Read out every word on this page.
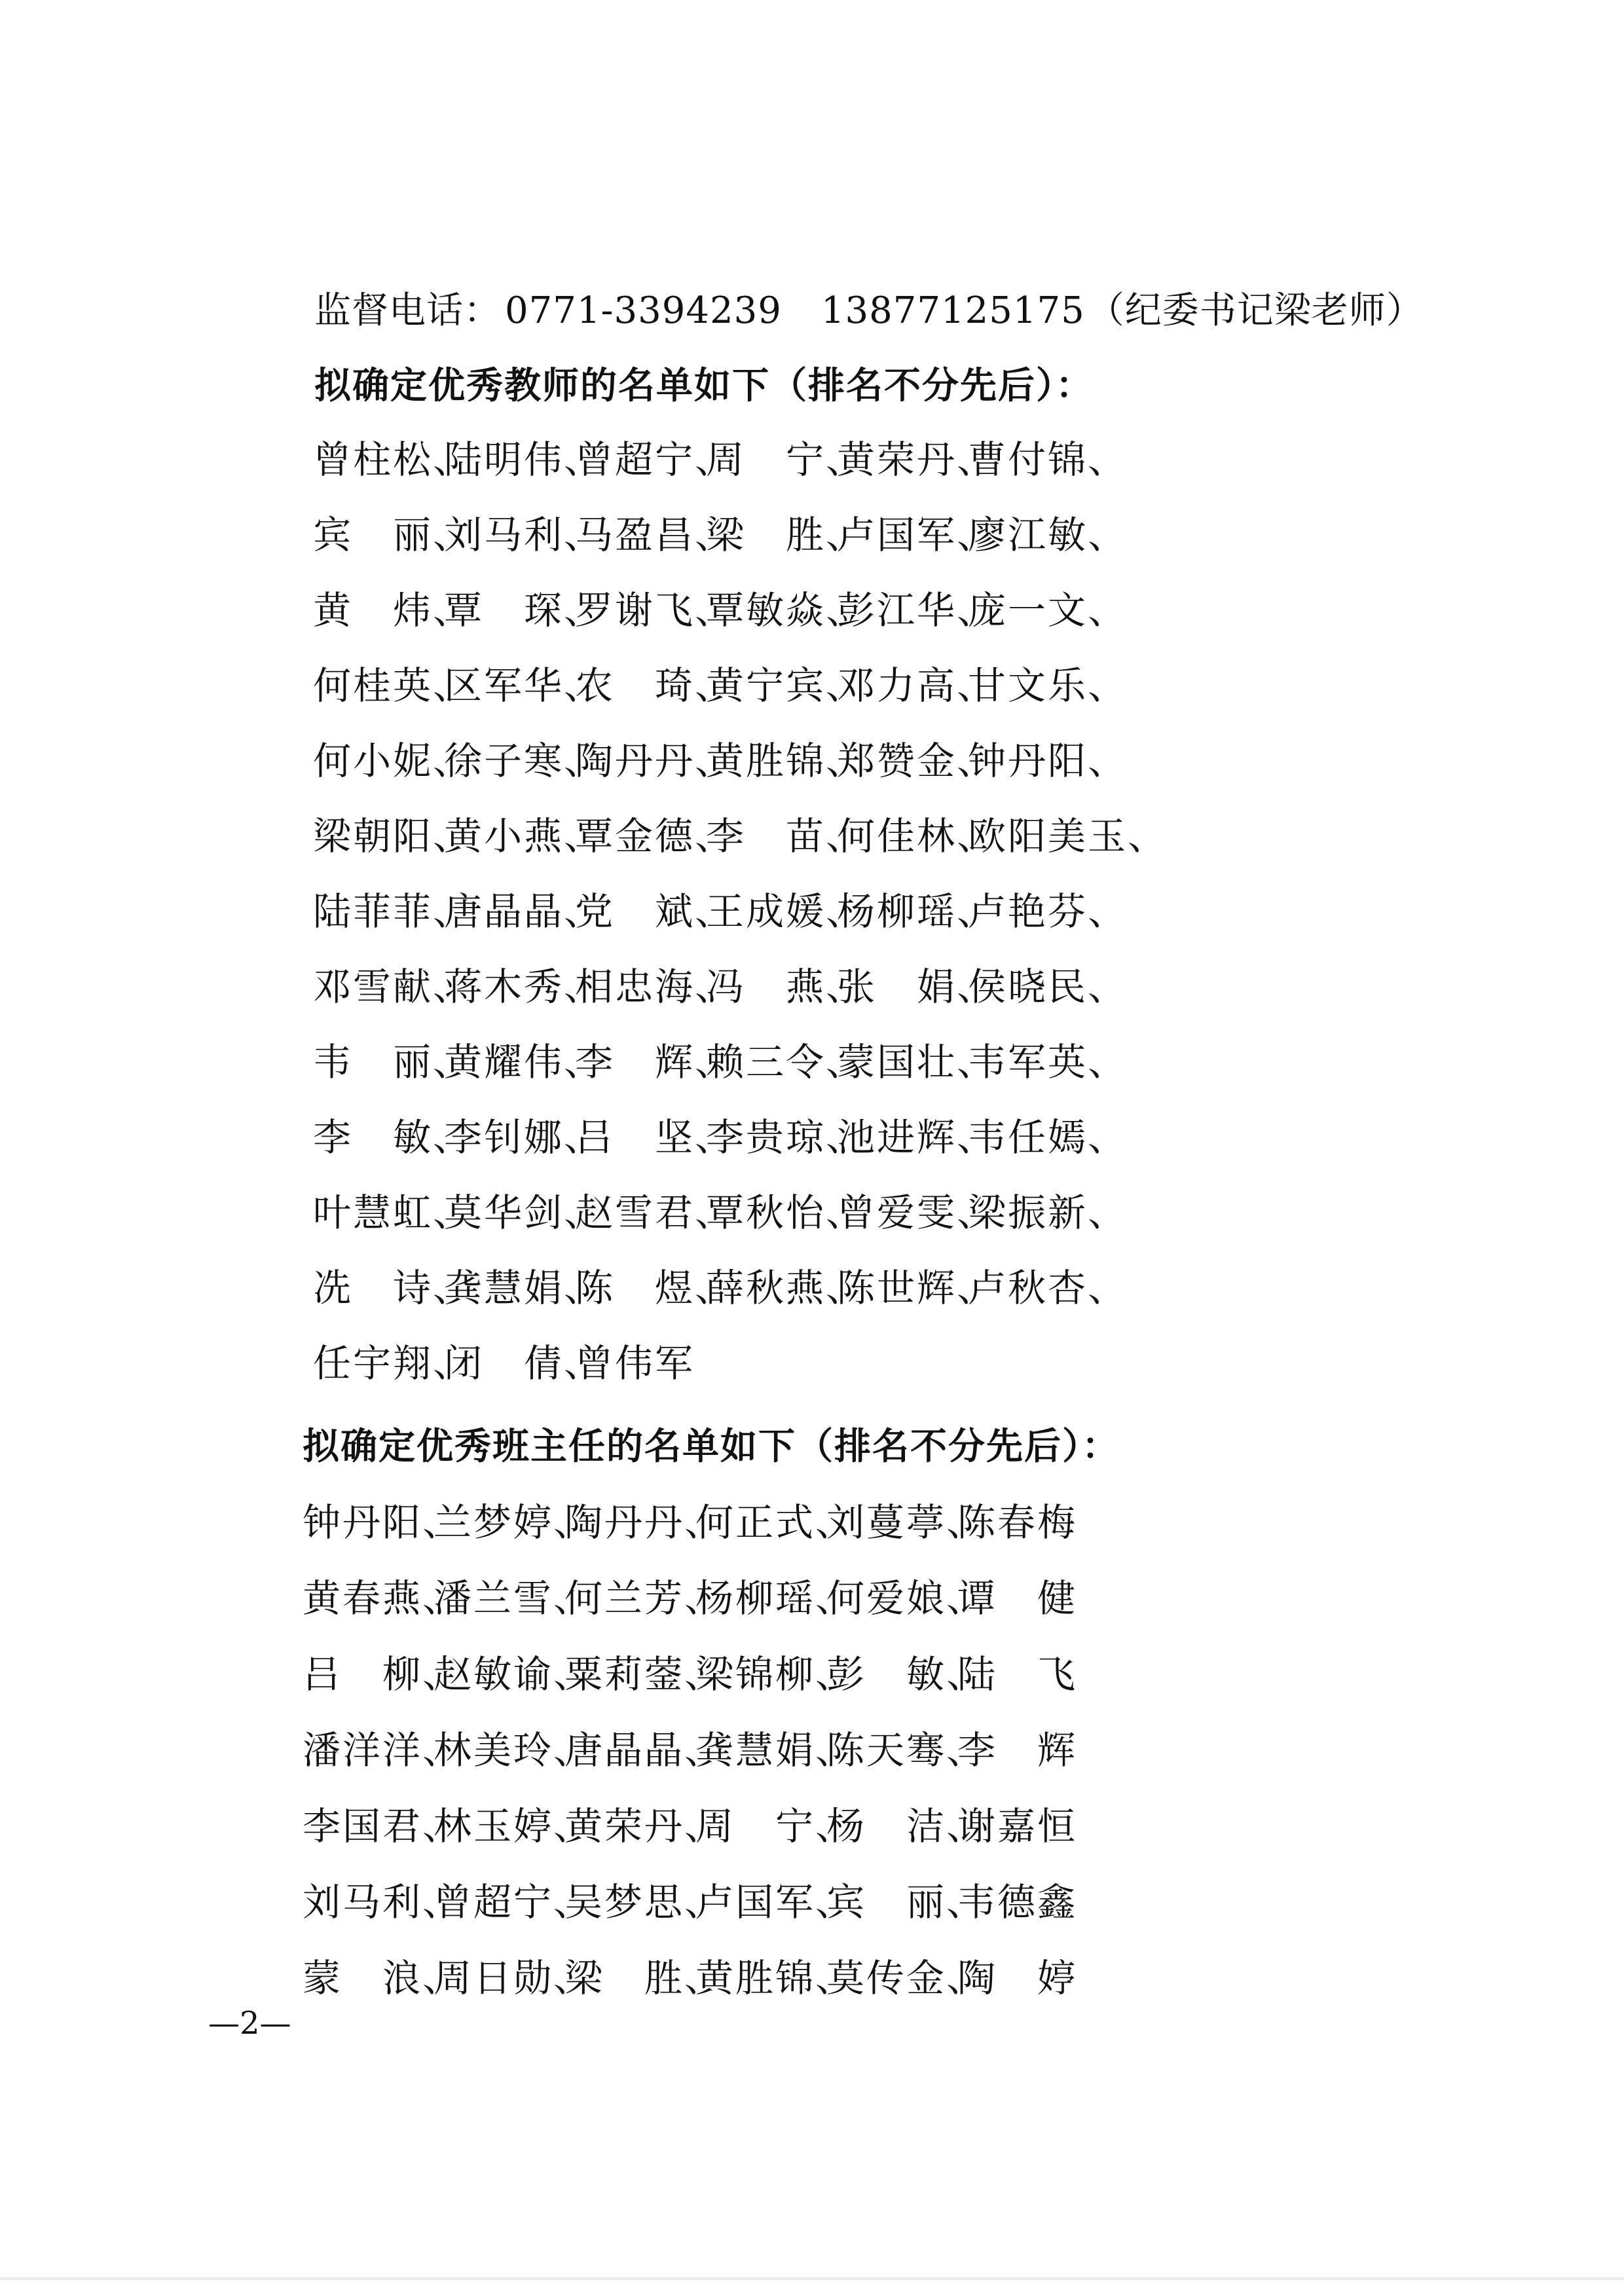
监督电话： 0771-3394239 13877125175（纪委书记梁老师）
拟确定优秀教师的名单如下（排名不分先后）：
曾柱松、
陆明伟、
曾超宁、
周　宁、
黄荣丹、
曹付锦、
宾　丽、
刘马利、
马盈昌、
梁　胜、
卢国军、
廖江敏、
黄　炜、
覃　琛、
罗谢飞、
覃敏焱、
彭江华、
庞一文、
何桂英、
区军华、
农　琦、
黄宁宾、
邓力高、
甘文乐、
何小妮、
徐子寒、
陶丹丹、
黄胜锦、
郑赞金、
钟丹阳、
梁朝阳、
黄小燕、
覃金德、
李　苗、
何佳林、
欧阳美玉、
陆菲菲、
唐晶晶、
党　斌、
王成媛、
杨柳瑶、
卢艳芬、
邓雪献、
蒋木秀、
相忠海、
冯　燕、
张　娟、
侯晓民、
韦　丽、
黄耀伟、
李　辉、
赖三令、
蒙国壮、
韦军英、
李　敏、
李钊娜、
吕　坚、
李贵琼、
池进辉、
韦任嫣、
叶慧虹、
莫华剑、
赵雪君、
覃秋怡、
曾爱雯、
梁振新、
冼　诗、
龚慧娟、
陈　煜、
薛秋燕、
陈世辉、
卢秋杏、
任宇翔、
闭　倩、
曾伟军
拟确定优秀班主任的名单如下（排名不分先后）：
钟丹阳、
兰梦婷、
陶丹丹、
何正式、
刘蔓葶、
陈春梅
黄春燕、
潘兰雪、
何兰芳、
杨柳瑶、
何爱娘、
谭　健
吕　柳、
赵敏谕、
粟莉蓥、
梁锦柳、
彭　敏、
陆　飞
潘洋洋、
林美玲、
唐晶晶、
龚慧娟、
陈天骞、
李　辉
李国君、
林玉婷、
黄荣丹、
周　宁、
杨　洁、
谢嘉恒
刘马利、
曾超宁、
吴梦思、
卢国军、
宾　丽、
韦德鑫
蒙　浪、
周日勋、
梁　胜、
黄胜锦、
莫传金、
陶　婷
—2—
